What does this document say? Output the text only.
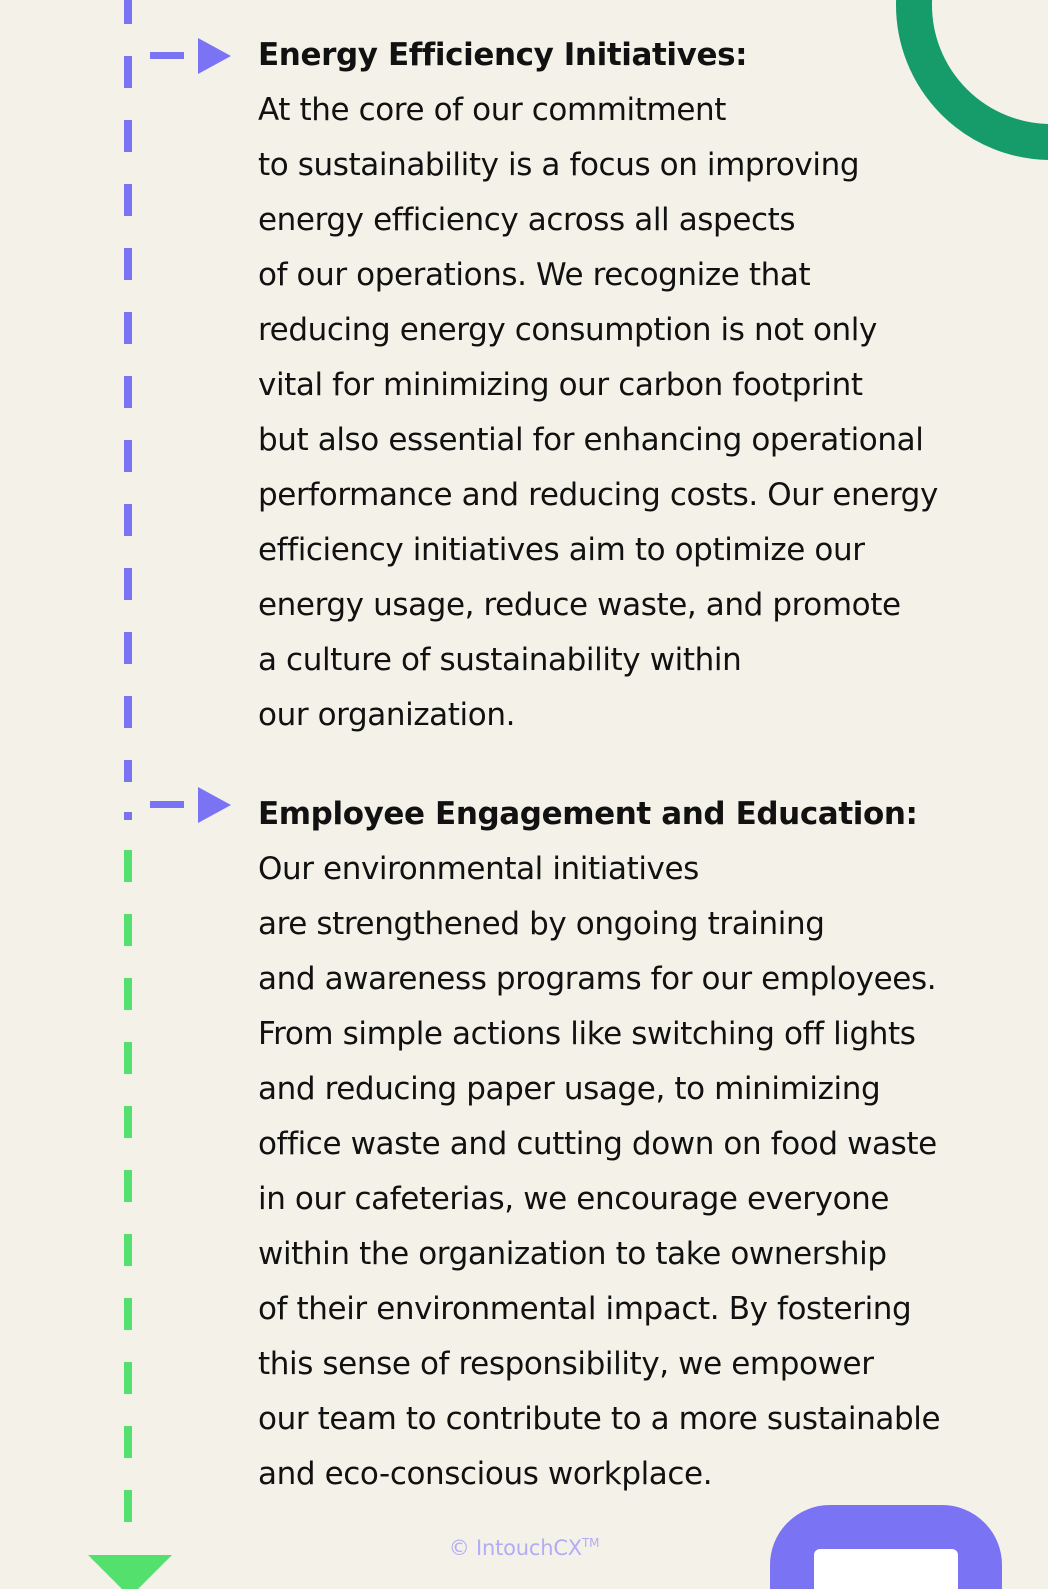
Energy Efficiency Initiatives:
At the core of our commitment
to sustainability is a focus on improving
energy efficiency across all aspects
of our operations. We recognize that
reducing energy consumption is not only
vital for minimizing our carbon footprint
but also essential for enhancing operational
performance and reducing costs. Our energy
efficiency initiatives aim to optimize our
energy usage, reduce waste, and promote
a culture of sustainability within
our organization.
Employee Engagement and Education:
Our environmental initiatives
are strengthened by ongoing training
and awareness programs for our employees.
From simple actions like switching off lights
and reducing paper usage, to minimizing
office waste and cutting down on food waste
in our cafeterias, we encourage everyone
within the organization to take ownership
of their environmental impact. By fostering
this sense of responsibility, we empower
our team to contribute to a more sustainable
and eco-conscious workplace.
© IntouchCX™
